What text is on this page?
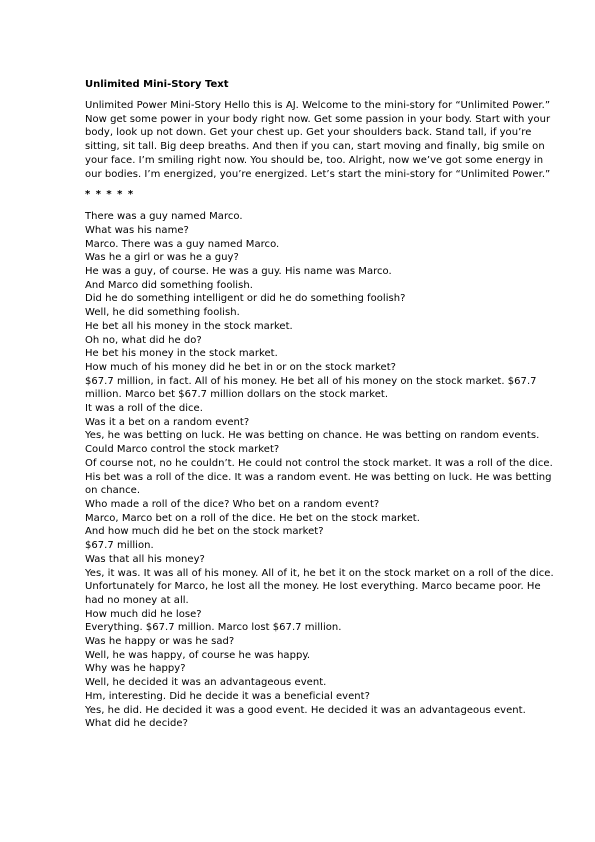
Unlimited Mini-Story Text

Unlimited Power Mini-Story Hello this is AJ. Welcome to the mini-story for “Unlimited Power.” Now get some power in your body right now. Get some passion in your body. Start with your body, look up not down. Get your chest up. Get your shoulders back. Stand tall, if you’re sitting, sit tall. Big deep breaths. And then if you can, start moving and finally, big smile on your face. I’m smiling right now. You should be, too. Alright, now we’ve got some energy in our bodies. I’m energized, you’re energized. Let’s start the mini-story for “Unlimited Power.”

* * * * *

There was a guy named Marco.

What was his name?

Marco. There was a guy named Marco.

Was he a girl or was he a guy?

He was a guy, of course. He was a guy. His name was Marco.

And Marco did something foolish.

Did he do something intelligent or did he do something foolish?

Well, he did something foolish.

He bet all his money in the stock market.

Oh no, what did he do?

He bet his money in the stock market.

How much of his money did he bet in or on the stock market?

$67.7 million, in fact. All of his money. He bet all of his money on the stock market. $67.7 million. Marco bet $67.7 million dollars on the stock market.

It was a roll of the dice.

Was it a bet on a random event?

Yes, he was betting on luck. He was betting on chance. He was betting on random events.

Could Marco control the stock market?

Of course not, no he couldn’t. He could not control the stock market. It was a roll of the dice. His bet was a roll of the dice. It was a random event. He was betting on luck. He was betting on chance.

Who made a roll of the dice? Who bet on a random event?

Marco, Marco bet on a roll of the dice. He bet on the stock market.

And how much did he bet on the stock market?

$67.7 million.

Was that all his money?

Yes, it was. It was all of his money. All of it, he bet it on the stock market on a roll of the dice. Unfortunately for Marco, he lost all the money. He lost everything. Marco became poor. He had no money at all.

How much did he lose?

Everything. $67.7 million. Marco lost $67.7 million.

Was he happy or was he sad?

Well, he was happy, of course he was happy.

Why was he happy?

Well, he decided it was an advantageous event.

Hm, interesting. Did he decide it was a beneficial event?

Yes, he did. He decided it was a good event. He decided it was an advantageous event.

What did he decide?
